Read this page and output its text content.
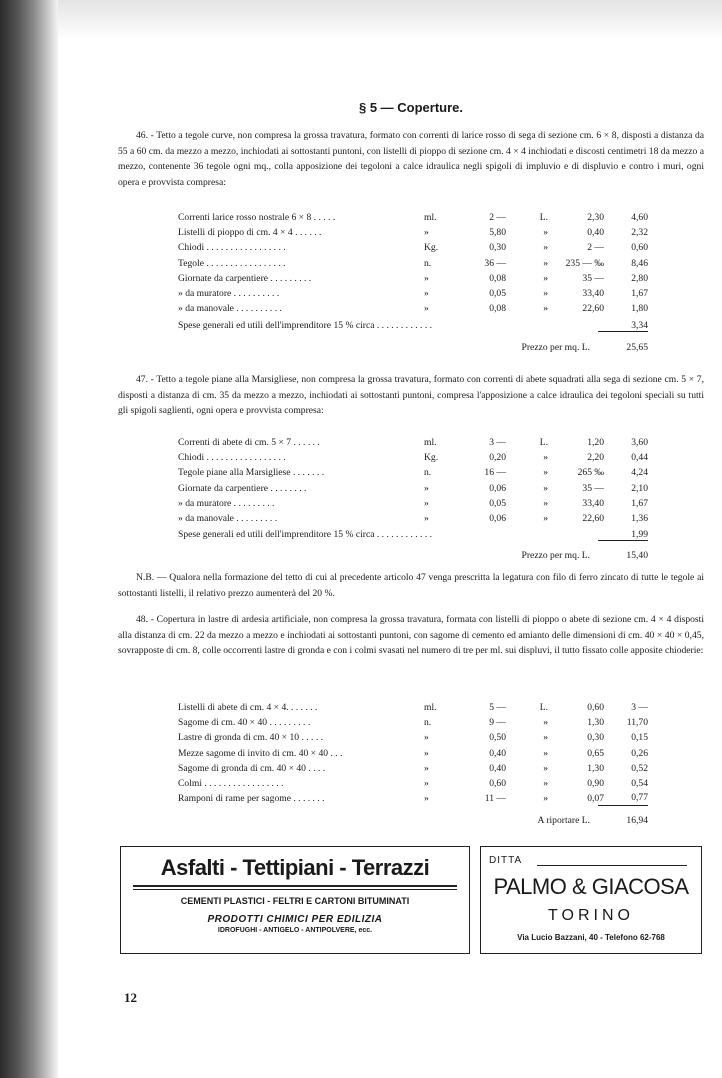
§ 5 — Coperture.

46. - Tetto a tegole curve, non compresa la grossa travatura, formato con correnti di larice rosso di sega di sezione cm. 6 × 8, disposti a distanza da 55 a 60 cm. da mezzo a mezzo, inchiodati ai sottostanti puntoni, con listelli di pioppo di sezione cm. 4 × 4 inchiodati e discosti centimetri 18 da mezzo a mezzo, contenente 36 tegole ogni mq., colla apposizione dei tegoloni a calce idraulica negli spigoli di impluvio e di displuvio e contro i muri, ogni opera e provvista compresa:

Correnti larice rosso nostrale 6 × 8 . . . . .	ml.	2 —	L.	2,30	4,60
Listelli di pioppo di cm. 4 × 4 . . . . . .	»	5,80	»	0,40	2,32
Chiodi . . . . . . . . . . . . . . . . .	Kg.	0,30	»	2 —	0,60
Tegole . . . . . . . . . . . . . . . . .	n.	36 —	»	235 — ‰	8,46
Giornate da carpentiere . . . . . . . . .	»	0,08	»	35 —	2,80
» da muratore . . . . . . . . . .	»	0,05	»	33,40	1,67
» da manovale . . . . . . . . . .	»	0,08	»	22,60	1,80
Spese generali ed utili dell'imprenditore 15 % circa . . . . . . . . . . . .	3,34
Prezzo per mq. L.	25,65

47. - Tetto a tegole piane alla Marsigliese, non compresa la grossa travatura, formato con correnti di abete squadrati alla sega di sezione cm. 5 × 7, disposti a distanza di cm. 35 da mezzo a mezzo, inchiodati ai sottostanti puntoni, compresa l'apposizione a calce idraulica dei tegoloni speciali su tutti gli spigoli saglienti, ogni opera e provvista compresa:

Correnti di abete di cm. 5 × 7 . . . . . .	ml.	3 —	L.	1,20	3,60
Chiodi . . . . . . . . . . . . . . . . .	Kg.	0,20	»	2,20	0,44
Tegole piane alla Marsigliese . . . . . . .	n.	16 —	»	265 ‰	4,24
Giornate da carpentiere . . . . . . . .	»	0,06	»	35 —	2,10
» da muratore . . . . . . . . .	»	0,05	»	33,40	1,67
» da manovale . . . . . . . . .	»	0,06	»	22,60	1,36
Spese generali ed utili dell'imprenditore 15 % circa . . . . . . . . . . . .	1,99
Prezzo per mq. L.	15,40

N.B. — Qualora nella formazione del tetto di cui al precedente articolo 47 venga prescritta la legatura con filo di ferro zincato di tutte le tegole ai sottostanti listelli, il relativo prezzo aumenterà del 20 %.

48. - Copertura in lastre di ardesia artificiale, non compresa la grossa travatura, formata con listelli di pioppo o abete di sezione cm. 4 × 4 disposti alla distanza di cm. 22 da mezzo a mezzo e inchiodati ai sottostanti puntoni, con sagome di cemento ed amianto delle dimensioni di cm. 40 × 40 × 0,45, sovrapposte di cm. 8, colle occorrenti lastre di gronda e con i colmi svasati nel numero di tre per ml. sui displuvi, il tutto fissato colle apposite chioderie:

Listelli di abete di cm. 4 × 4. . . . . . .	ml.	5 —	L.	0,60	3 —
Sagome di cm. 40 × 40 . . . . . . . . .	n.	9 —	»	1,30	11,70
Lastre di gronda di cm. 40 × 10 . . . . .	»	0,50	»	0,30	0,15
Mezze sagome di invito di cm. 40 × 40 . . .	»	0,40	»	0,65	0,26
Sagome di gronda di cm. 40 × 40 . . . .	»	0,40	»	1,30	0,52
Colmi . . . . . . . . . . . . . . . . .	»	0,60	»	0,90	0,54
Ramponi di rame per sagome . . . . . . .	»	11 —	»	0,07	0,77
A riportare L.	16,94
Asfalti - Tettipiani - Terrazzi
CEMENTI PLASTICI - FELTRI E CARTONI BITUMINATI
PRODOTTI CHIMICI PER EDILIZIA
IDROFUGHI - ANTIGELO - ANTIPOLVERE, ecc.
DITTA
PALMO & GIACOSA
TORINO
Via Lucio Bazzani, 40 - Telefono 62-768
12
